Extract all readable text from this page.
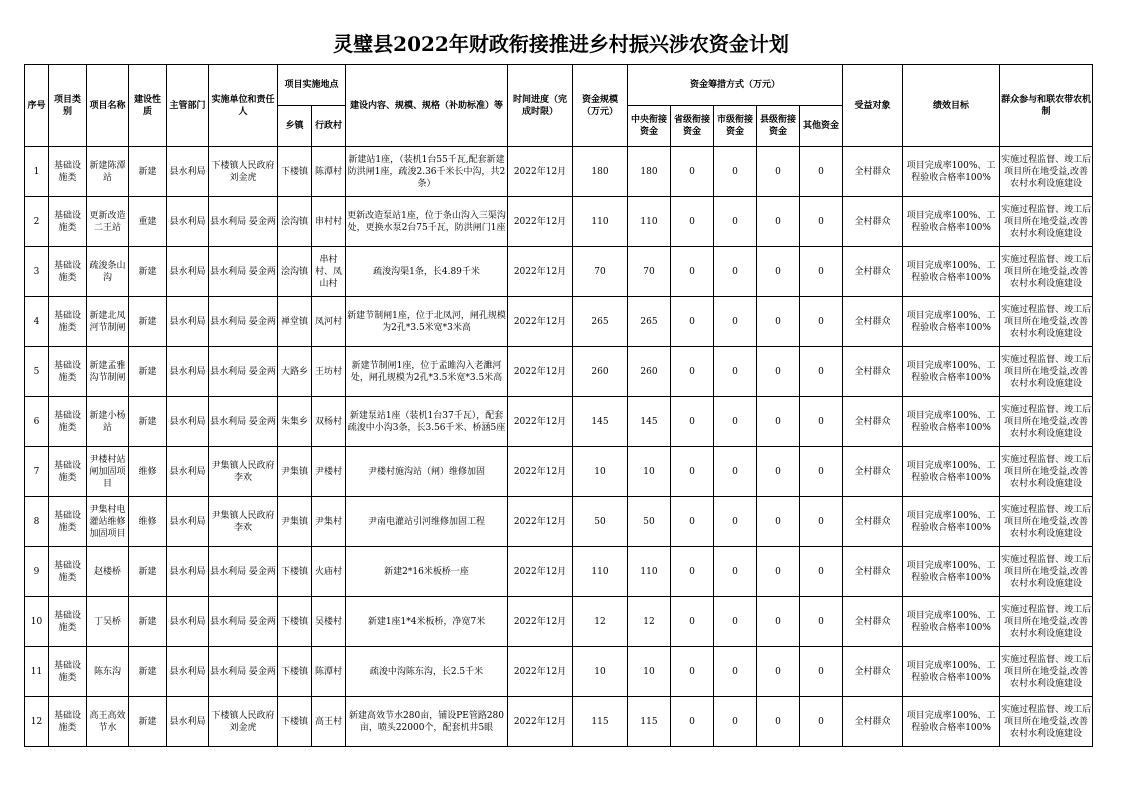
灵璧县2022年财政衔接推进乡村振兴涉农资金计划
序号	项目类别	项目名称	建设性质	主管部门	实施单位和责任人	项目实施地点		建设内容、规模、规格（补助标准）等	时间进度（完成时限）	资金规模（万元）	资金筹措方式（万元）					受益对象	绩效目标	群众参与和联农带农机制
						乡镇	行政村				中央衔接资金	省级衔接资金	市级衔接资金	县级衔接资金	其他资金			
1	基础设施类	新建陈潭站	新建	县水利局	下楼镇人民政府 刘金虎	下楼镇	陈潭村	新建站1座，（装机1台55千瓦,配套新建防洪闸1座，疏浚2.36千米长中沟，共2条）	2022年12月	180	180	0	0	0	0	全村群众	项目完成率100%、工程验收合格率100%	实施过程监督、竣工后项目所在地受益,改善农村水利设施建设
2	基础设施类	更新改造二王站	重建	县水利局	县水利局 晏金两	浍沟镇	串村村	更新改造泵站1座，位于条山沟入三渠沟处，更换水泵2台75千瓦，防洪闸门1座	2022年12月	110	110	0	0	0	0	全村群众	项目完成率100%、工程验收合格率100%	实施过程监督、竣工后项目所在地受益,改善农村水利设施建设
3	基础设施类	疏浚条山沟	新建	县水利局	县水利局 晏金两	浍沟镇	串村村、凤山村	疏浚沟渠1条，长4.89千米	2022年12月	70	70	0	0	0	0	全村群众	项目完成率100%、工程验收合格率100%	实施过程监督、竣工后项目所在地受益,改善农村水利设施建设
4	基础设施类	新建北凤河节制闸	新建	县水利局	县水利局 晏金两	禅堂镇	凤河村	新建节制闸1座，位于北凤河，闸孔规模为2孔*3.5米宽*3米高	2022年12月	265	265	0	0	0	0	全村群众	项目完成率100%、工程验收合格率100%	实施过程监督、竣工后项目所在地受益,改善农村水利设施建设
5	基础设施类	新建孟雅沟节制闸	新建	县水利局	县水利局 晏金两	大路乡	王坊村	新建节制闸1座，位于孟雎沟入老濉河处，闸孔规模为2孔*3.5米宽*3.5米高	2022年12月	260	260	0	0	0	0	全村群众	项目完成率100%、工程验收合格率100%	实施过程监督、竣工后项目所在地受益,改善农村水利设施建设
6	基础设施类	新建小杨站	新建	县水利局	县水利局 晏金两	朱集乡	双杨村	新建泵站1座（装机1台37千瓦），配套疏浚中小沟3条，长3.56千米、桥涵5座	2022年12月	145	145	0	0	0	0	全村群众	项目完成率100%、工程验收合格率100%	实施过程监督、竣工后项目所在地受益,改善农村水利设施建设
7	基础设施类	尹楼村站闸加固项目	维修	县水利局	尹集镇人民政府 李欢	尹集镇	尹楼村	尹楼村施沟站（闸）维修加固	2022年12月	10	10	0	0	0	0	全村群众	项目完成率100%、工程验收合格率100%	实施过程监督、竣工后项目所在地受益,改善农村水利设施建设
8	基础设施类	尹集村电灌站维修加固项目	维修	县水利局	尹集镇人民政府 李欢	尹集镇	尹集村	尹南电灌站引河维修加固工程	2022年12月	50	50	0	0	0	0	全村群众	项目完成率100%、工程验收合格率100%	实施过程监督、竣工后项目所在地受益,改善农村水利设施建设
9	基础设施类	赵楼桥	新建	县水利局	县水利局 晏金两	下楼镇	火庙村	新建2*16米板桥一座	2022年12月	110	110	0	0	0	0	全村群众	项目完成率100%、工程验收合格率100%	实施过程监督、竣工后项目所在地受益,改善农村水利设施建设
10	基础设施类	丁吴桥	新建	县水利局	县水利局 晏金两	下楼镇	吴楼村	新建1座1*4米板桥，净宽7米	2022年12月	12	12	0	0	0	0	全村群众	项目完成率100%、工程验收合格率100%	实施过程监督、竣工后项目所在地受益,改善农村水利设施建设
11	基础设施类	陈东沟	新建	县水利局	县水利局 晏金两	下楼镇	陈潭村	疏浚中沟陈东沟，长2.5千米	2022年12月	10	10	0	0	0	0	全村群众	项目完成率100%、工程验收合格率100%	实施过程监督、竣工后项目所在地受益,改善农村水利设施建设
12	基础设施类	高王高效节水	新建	县水利局	下楼镇人民政府刘金虎	下楼镇	高王村	新建高效节水280亩，铺设PE管路280亩，喷头22000个，配套机井5眼	2022年12月	115	115	0	0	0	0	全村群众	项目完成率100%、工程验收合格率100%	实施过程监督、竣工后项目所在地受益,改善农村水利设施建设
